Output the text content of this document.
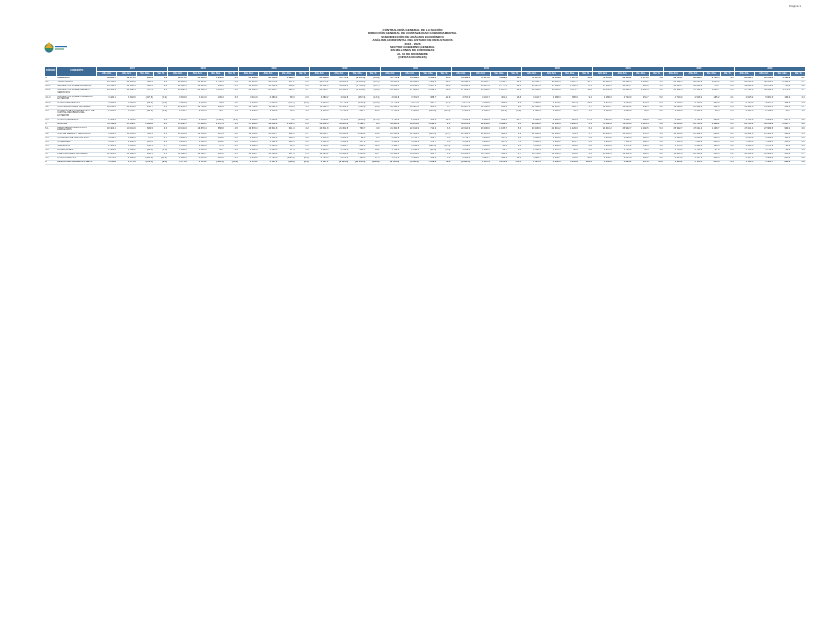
Página 1
CONTRALORÍA GENERAL DE LA NACIÓN
DIRECCIÓN GENERAL DE CONTABILIDAD GUBERNAMENTAL
SUBDIRECCIÓN DE ANÁLISIS ECONÓMICO
ANÁLISIS HORIZONTAL DEL ESTADO DE RESULTADOS
2016 - 2026
SECTOR GOBIERNO GENERAL
EN MILLONES DE CÓRDOBAS
AL 31 DE DICIEMBRE
(CIFRAS EN MILES)
CÓDIGO	CONCEPTO	2017				2018				2019				2020				2021				2022				2023				2024				2025				2026			
		Año Ant.	Año Act.	Var. Abs.	Var. %	Año Ant.	Año Act.	Var. Abs.	Var. %	Año Ant.	Año Act.	Var. Abs.	Var. %	Año Ant.	Año Act.	Var. Abs.	Var. %	Año Ant.	Año Act.	Var. Abs.	Var. %	Año Ant.	Año Act.	Var. Abs.	Var. %	Año Ant.	Año Act.	Var. Abs.	Var. %	Año Ant.	Año Act.	Var. Abs.	Var. %	Año Ant.	Año Act.	Var. Abs.	Var. %	Año Ant.	Año Act.	Var. Abs.	Var. %
4	INGRESOS	58 263.7	59 174.0	910.3	1.6	59 174.0	61 036.3	1 862.3	3.1	61 036.3	62 419.8	1 383.5	2.3	62 419.8	55 771.9	(6 647.9)	(10.6)	55 771.9	64 338.3	8 566.4	15.4	64 338.3	71 227.6	6 889.3	10.7	71 227.6	78 544.9	7 317.3	10.3	78 544.9	83 116.2	4 571.3	5.8	83 116.2	86 820.7	3 704.5	4.5	86 820.7	90 014.6	3 193.9	3.7
4.1	TRIBUTARIOS	43 512.4	44 206.8	694.4	1.6	44 206.8	45 913.1	1 706.3	3.9	45 913.1	46 870.2	957.1	2.1	46 870.2	41 005.6	(5 864.6)	(12.5)	41 005.6	48 992.0	7 986.4	19.5	48 992.0	54 310.7	5 318.7	10.9	54 310.7	60 118.4	5 807.7	10.7	60 118.4	63 402.5	3 284.1	5.5	63 402.5	66 215.9	2 813.4	4.4	66 215.9	68 640.3	2 424.4	3.7
4.1.1	IMPUESTOS SOBRE LA RENTA	12 118.2	12 602.5	484.3	4.0	12 602.5	13 045.8	443.3	3.5	13 045.8	13 512.0	466.2	3.6	13 512.0	11 802.4	(1 709.6)	(12.7)	11 802.4	14 210.3	2 407.9	20.4	14 210.3	15 987.6	1 777.3	12.5	15 987.6	17 340.1	1 352.5	8.5	17 340.1	18 225.7	885.6	5.1	18 225.7	19 004.4	778.7	4.3	19 004.4	19 720.8	716.4	3.8
4.1.2	IMPUESTOS SOBRE BIENES Y SERVICIOS	24 630.9	24 988.1	357.2	1.5	24 988.1	26 102.4	1 114.3	4.5	26 102.4	26 544.7	442.3	1.7	26 544.7	23 410.5	(3 134.2)	(11.8)	23 410.5	27 802.6	4 392.1	18.8	27 802.6	30 640.2	2 837.6	10.2	30 640.2	34 011.9	3 371.7	11.0	34 011.9	35 902.3	1 890.4	5.6	35 902.3	37 511.0	1 608.7	4.5	37 511.0	38 890.6	1 379.6	3.7
4.1.3	IMPUESTOS SOBRE COMERCIO EXTERIOR	3 420.1	3 302.6	(117.5)	(3.4)	3 302.6	3 411.9	109.3	3.3	3 411.9	3 480.2	68.3	2.0	3 480.2	3 012.8	(467.4)	(13.4)	3 012.8	3 701.5	688.7	22.9	3 701.5	4 102.7	401.2	10.8	4 102.7	4 488.3	385.6	9.4	4 488.3	4 720.0	231.7	5.2	4 720.0	4 915.2	195.2	4.1	4 915.2	5 081.6	166.4	3.4
4.1.4	OTROS IMPUESTOS	3 343.2	3 313.6	(29.6)	(0.9)	3 313.6	3 353.0	39.4	1.2	3 353.0	3 333.3	(19.7)	(0.6)	3 333.3	2 779.9	(553.4)	(16.6)	2 779.9	3 277.6	497.7	17.9	3 277.6	3 580.2	302.6	9.2	3 580.2	4 278.1	697.9	19.5	4 278.1	4 554.5	276.4	6.5	4 554.5	4 785.3	230.8	5.1	4 785.3	4 947.3	162.0	3.4
4.2	CONTRIBUCIONES SOCIALES	10 210.6	10 441.3	230.7	2.3	10 441.3	10 708.2	266.9	2.6	10 708.2	11 062.5	354.3	3.3	11 062.5	10 302.1	(760.4)	(6.9)	10 302.1	10 887.6	585.5	5.7	10 887.6	11 540.0	652.4	6.0	11 540.0	12 201.7	661.7	5.7	12 201.7	12 840.2	638.5	5.2	12 840.2	13 402.6	562.4	4.4	13 402.6	13 905.1	502.5	3.7
4.3	DONACIONES CORRIENTES Y DE CAPITAL RECIBIDAS DEL EXTERIOR	2 104.3	2 011.7	(92.6)	(4.4)	2 011.7	2 050.4	38.7	1.9	2 050.4	2 118.9	68.5	3.3	2 118.9	2 740.6	621.7	29.3	2 740.6	2 401.8	(338.8)	(12.4)	2 401.8	2 380.5	(21.3)	(0.9)	2 380.5	2 412.0	31.5	1.3	2 412.0	2 460.8	48.8	2.0	2 460.8	2 501.3	40.5	1.6	2 501.3	2 540.0	38.7	1.5
4.4	OTROS INGRESOS	2 436.4	2 514.2	77.8	3.2	2 514.2	2 364.6	(149.6)	(6.0)	2 364.6	2 368.2	3.6	0.2	2 368.2	1 723.6	(644.6)	(27.2)	1 723.6	2 056.9	333.3	19.3	2 056.9	2 996.4	939.5	45.7	2 996.4	3 812.8	816.4	27.2	3 812.8	4 412.7	599.9	15.7	4 412.7	4 701.9	289.2	6.6	4 701.9	4 929.2	227.3	4.8
5	GASTOS	54 118.9	55 402.7	1 283.8	2.4	55 402.7	57 860.1	2 457.4	4.4	57 860.1	59 312.6	1 452.5	2.5	59 312.6	64 905.3	5 592.7	9.4	64 905.3	66 201.8	1 296.5	2.0	66 201.8	69 840.2	3 638.4	5.5	69 840.2	74 102.6	4 262.4	6.1	74 102.6	78 216.0	4 113.4	5.6	78 216.0	81 705.2	3 489.2	4.5	81 705.2	84 612.9	2 907.7	3.6
5.1	REMUNERACIONES A LOS EMPLEADOS	18 402.1	19 011.6	609.5	3.3	19 011.6	19 870.4	858.8	4.5	19 870.4	20 511.8	641.4	3.2	20 511.8	21 302.5	790.7	3.9	21 302.5	22 014.9	712.4	3.3	22 014.9	23 180.6	1 165.7	5.3	23 180.6	24 610.2	1 429.6	6.2	24 610.2	25 902.7	1 292.5	5.3	25 902.7	27 011.4	1 108.7	4.3	27 011.4	27 980.5	969.1	3.6
5.2	USO DE BIENES Y SERVICIOS	9 802.3	10 104.8	302.5	3.1	10 104.8	10 530.2	425.4	4.2	10 530.2	10 812.7	282.5	2.7	10 812.7	12 640.9	1 828.2	16.9	12 640.9	12 302.4	(338.5)	(2.7)	12 302.4	12 910.6	608.2	4.9	12 910.6	13 640.1	729.5	5.7	13 640.1	14 318.4	678.3	5.0	14 318.4	14 902.6	584.2	4.1	14 902.6	15 401.2	498.6	3.3
5.3	CONSUMO DE CAPITAL FIJO	3 210.5	3 298.1	87.6	2.7	3 298.1	3 402.9	104.8	3.2	3 402.9	3 511.4	108.5	3.2	3 511.4	3 604.0	92.6	2.6	3 604.0	3 712.7	108.7	3.0	3 712.7	3 830.2	117.5	3.2	3 830.2	3 961.8	131.6	3.4	3 961.8	4 090.4	128.6	3.2	4 090.4	4 210.9	120.5	2.9	4 210.9	4 322.0	111.1	2.6
5.4	INTERESES	4 120.7	4 402.3	281.6	6.8	4 402.3	4 811.5	409.2	9.3	4 811.5	5 102.8	291.3	6.1	5 102.8	5 640.2	537.4	10.5	5 640.2	6 012.9	372.7	6.6	6 012.9	6 480.4	467.5	7.8	6 480.4	6 902.1	421.7	6.5	6 902.1	7 311.6	409.5	5.9	7 311.6	7 680.0	368.4	5.0	7 680.0	7 998.3	318.3	4.1
5.5	SUBSIDIOS	2 302.9	2 411.0	108.1	4.7	2 411.0	2 498.6	87.6	3.6	2 498.6	2 560.1	61.5	2.5	2 560.1	3 402.7	842.6	32.9	3 402.7	3 012.4	(390.3)	(11.5)	3 012.4	3 110.8	98.4	3.3	3 110.8	3 240.6	129.8	4.2	3 240.6	3 371.2	130.6	4.0	3 371.2	3 480.5	109.3	3.2	3 480.5	3 571.9	91.4	2.6
5.6	DONACIONES	1 402.6	1 380.2	(22.4)	(1.6)	1 380.2	1 412.9	32.7	2.4	1 412.9	1 440.3	27.4	1.9	1 440.3	1 702.8	262.5	18.2	1 702.8	1 610.4	(92.4)	(5.4)	1 610.4	1 640.1	29.7	1.8	1 640.1	1 672.5	32.4	2.0	1 672.5	1 704.0	31.5	1.9	1 704.0	1 731.8	27.8	1.6	1 731.8	1 756.2	24.4	1.4
5.7	PRESTACIONES SOCIALES	11 604.2	11 890.5	286.3	2.5	11 890.5	12 302.7	412.2	3.5	12 302.7	12 590.2	287.5	2.3	12 590.2	13 940.6	1 350.4	10.7	13 940.6	14 102.3	161.7	1.2	14 102.3	14 760.8	658.5	4.7	14 760.8	15 402.6	641.8	4.3	15 402.6	16 011.9	609.3	4.0	16 011.9	16 530.2	518.3	3.2	16 530.2	16 980.4	450.2	2.7
5.8	OTROS GASTOS	3 273.6	2 908.2	(365.4)	(11.2)	2 908.2	3 031.8	123.6	4.3	3 031.8	2 783.3	(248.5)	(8.2)	2 783.3	3 271.6	488.3	17.5	3 271.6	3 433.8	162.2	5.0	3 433.8	3 926.7	492.9	14.4	3 926.7	4 632.7	706.0	18.0	4 632.7	4 815.8	183.1	4.0	4 815.8	5 157.8	342.0	7.1	5 157.8	5 402.8	245.0	4.8
6	RESULTADO OPERATIVO NETO	4 144.8	3 771.3	(373.5)	(9.0)	3 771.3	3 176.2	(595.1)	(15.8)	3 176.2	3 107.2	(69.0)	(2.2)	3 107.2	(9 133.4)	(12 240.6)	(393.9)	(9 133.4)	(1 863.5)	7 269.9	79.6	(1 863.5)	1 387.4	3 250.9	174.5	1 387.4	4 442.3	3 054.9	220.2	4 442.3	4 900.2	457.9	10.3	4 900.2	5 115.5	215.3	4.4	5 115.5	5 401.7	286.2	5.6
